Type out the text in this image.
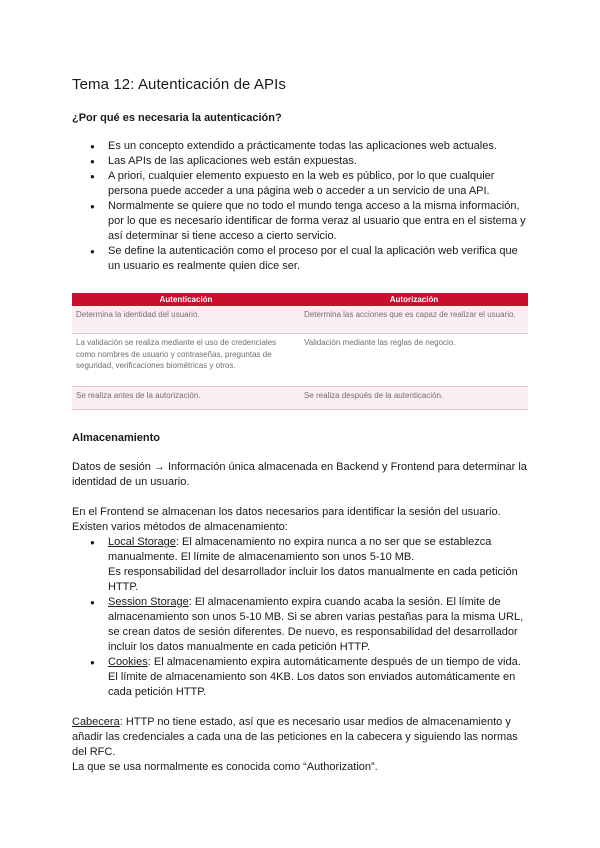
Tema 12: Autenticación de APIs
¿Por qué es necesaria la autenticación?
● Es un concepto extendido a prácticamente todas las aplicaciones web actuales.
● Las APIs de las aplicaciones web están expuestas.
● A priori, cualquier elemento expuesto en la web es público, por lo que cualquier persona puede acceder a una página web o acceder a un servicio de una API.
● Normalmente se quiere que no todo el mundo tenga acceso a la misma información, por lo que es necesario identificar de forma veraz al usuario que entra en el sistema y así determinar si tiene acceso a cierto servicio.
● Se define la autenticación como el proceso por el cual la aplicación web verifica que un usuario es realmente quien dice ser.
Autenticación	Autorización
Determina la identidad del usuario.	Determina las acciones que es capaz de realizar el usuario.
La validación se realiza mediante el uso de credenciales como nombres de usuario y contraseñas, preguntas de seguridad, verificaciones biométricas y otros.	Validación mediante las reglas de negocio.
Se realiza antes de la autorización.	Se realiza después de la autenticación.
Almacenamiento

Datos de sesión → Información única almacenada en Backend y Frontend para determinar la identidad de un usuario.

En el Frontend se almacenan los datos necesarios para identificar la sesión del usuario. Existen varios métodos de almacenamiento:

● Local Storage: El almacenamiento no expira nunca a no ser que se establezca manualmente. El límite de almacenamiento son unos 5-10 MB.
Es responsabilidad del desarrollador incluir los datos manualmente en cada petición HTTP.
● Session Storage: El almacenamiento expira cuando acaba la sesión. El límite de almacenamiento son unos 5-10 MB. Si se abren varias pestañas para la misma URL, se crean datos de sesión diferentes. De nuevo, es responsabilidad del desarrollador incluir los datos manualmente en cada petición HTTP.
● Cookies: El almacenamiento expira automáticamente después de un tiempo de vida. El límite de almacenamiento son 4KB. Los datos son enviados automáticamente en cada petición HTTP.

Cabecera: HTTP no tiene estado, así que es necesario usar medios de almacenamiento y añadir las credenciales a cada una de las peticiones en la cabecera y siguiendo las normas del RFC.
La que se usa normalmente es conocida como “Authorization”.
